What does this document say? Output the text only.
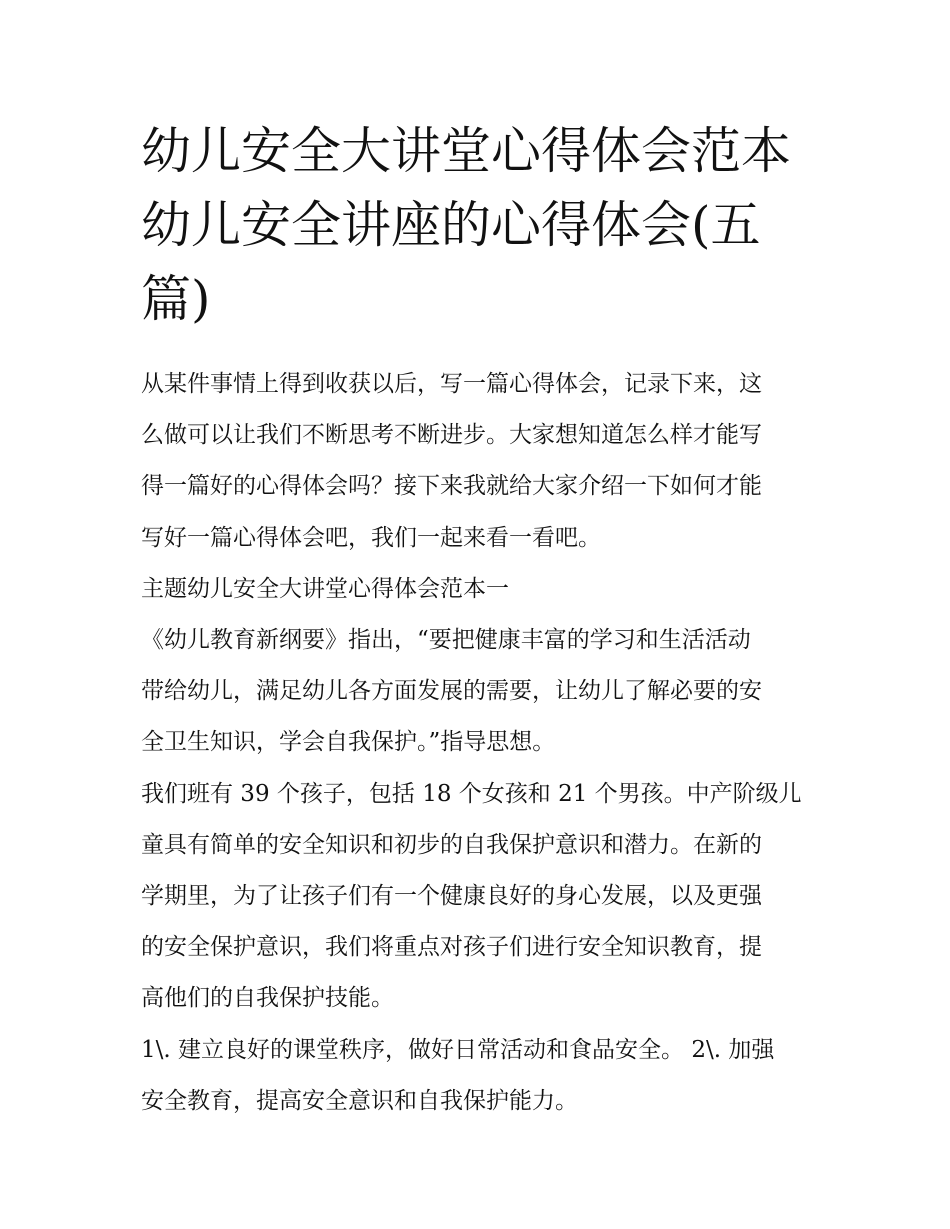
幼儿安全大讲堂心得体会范本
幼儿安全讲座的心得体会(五
篇)
从某件事情上得到收获以后，写一篇心得体会，记录下来，这
么做可以让我们不断思考不断进步。大家想知道怎么样才能写
得一篇好的心得体会吗？接下来我就给大家介绍一下如何才能
写好一篇心得体会吧，我们一起来看一看吧。
主题幼儿安全大讲堂心得体会范本一
《幼儿教育新纲要》指出，“要把健康丰富的学习和生活活动
带给幼儿，满足幼儿各方面发展的需要，让幼儿了解必要的安
全卫生知识，学会自我保护。”指导思想。
我们班有 39 个孩子，包括 18 个女孩和 21 个男孩。中产阶级儿
童具有简单的安全知识和初步的自我保护意识和潜力。在新的
学期里，为了让孩子们有一个健康良好的身心发展，以及更强
的安全保护意识，我们将重点对孩子们进行安全知识教育，提
高他们的自我保护技能。
1\. 建立良好的课堂秩序，做好日常活动和食品安全。 2\. 加强
安全教育，提高安全意识和自我保护能力。
